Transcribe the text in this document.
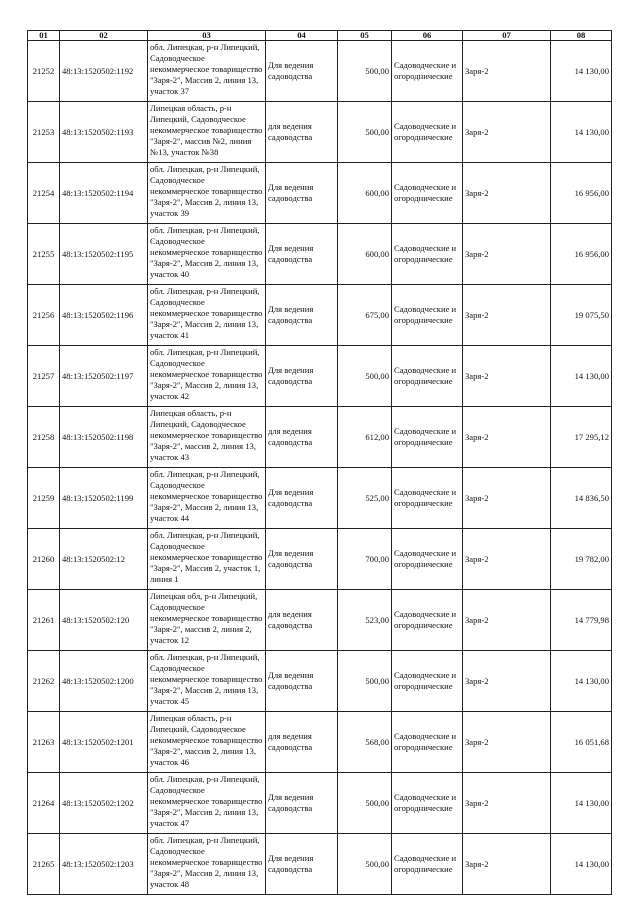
01	02	03	04	05	06	07	08
21252	48:13:1520502:1192	обл. Липецкая, р-н Липецкий, Садоводческое некоммерческое товарищество "Заря-2", Массив 2, линия 13, участок 37	Для ведения садоводства	500,00	Садоводческие и огороднические	Заря-2	14 130,00
21253	48:13:1520502:1193	Липецкая область, р-н Липецкий, Садоводческое некоммерческое товарищество "Заря-2", массив №2, линия №13, участок №38	для ведения садоводства	500,00	Садоводческие и огороднические	Заря-2	14 130,00
21254	48:13:1520502:1194	обл. Липецкая, р-н Липецкий, Садоводческое некоммерческое товарищество "Заря-2", Массив 2, линия 13, участок 39	Для ведения садоводства	600,00	Садоводческие и огороднические	Заря-2	16 956,00
21255	48:13:1520502:1195	обл. Липецкая, р-н Липецкий, Садоводческое некоммерческое товарищество "Заря-2", Массив 2, линия 13, участок 40	Для ведения садоводства	600,00	Садоводческие и огороднические	Заря-2	16 956,00
21256	48:13:1520502:1196	обл. Липецкая, р-н Липецкий, Садоводческое некоммерческое товарищество "Заря-2", Массив 2, линия 13, участок 41	Для ведения садоводства	675,00	Садоводческие и огороднические	Заря-2	19 075,50
21257	48:13:1520502:1197	обл. Липецкая, р-н Липецкий, Садоводческое некоммерческое товарищество "Заря-2", Массив 2, линия 13, участок 42	Для ведения садоводства	500,00	Садоводческие и огороднические	Заря-2	14 130,00
21258	48:13:1520502:1198	Липецкая область, р-н Липецкий, Садоводческое некоммерческое товарищество "Заря-2", массив 2, линия 13, участок 43	для ведения садоводства	612,00	Садоводческие и огороднические	Заря-2	17 295,12
21259	48:13:1520502:1199	обл. Липецкая, р-н Липецкий, Садоводческое некоммерческое товарищество "Заря-2", Массив 2, линия 13, участок 44	Для ведения садоводства	525,00	Садоводческие и огороднические	Заря-2	14 836,50
21260	48:13:1520502:12	обл. Липецкая, р-н Липецкий, Садоводческое некоммерческое товарищество "Заря-2", Массив 2, участок 1, линия 1	Для ведения садоводства	700,00	Садоводческие и огороднические	Заря-2	19 782,00
21261	48:13:1520502:120	Липецкая обл, р-н Липецкий, Садоводческое некоммерческое товарищество "Заря-2", массив 2, линия 2, участок 12	для ведения садоводства	523,00	Садоводческие и огороднические	Заря-2	14 779,98
21262	48:13:1520502:1200	обл. Липецкая, р-н Липецкий, Садоводческое некоммерческое товарищество "Заря-2", Массив 2, линия 13, участок 45	Для ведения садоводства	500,00	Садоводческие и огороднические	Заря-2	14 130,00
21263	48:13:1520502:1201	Липецкая область, р-н Липецкий, Садоводческое некоммерческое товарищество "Заря-2", массив 2, линия 13, участок 46	для ведения садоводства	568,00	Садоводческие и огороднические	Заря-2	16 051,68
21264	48:13:1520502:1202	обл. Липецкая, р-н Липецкий, Садоводческое некоммерческое товарищество "Заря-2", Массив 2, линия 13, участок 47	Для ведения садоводства	500,00	Садоводческие и огороднические	Заря-2	14 130,00
21265	48:13:1520502:1203	обл. Липецкая, р-н Липецкий, Садоводческое некоммерческое товарищество "Заря-2", Массив 2, линия 13, участок 48	Для ведения садоводства	500,00	Садоводческие и огороднические	Заря-2	14 130,00
